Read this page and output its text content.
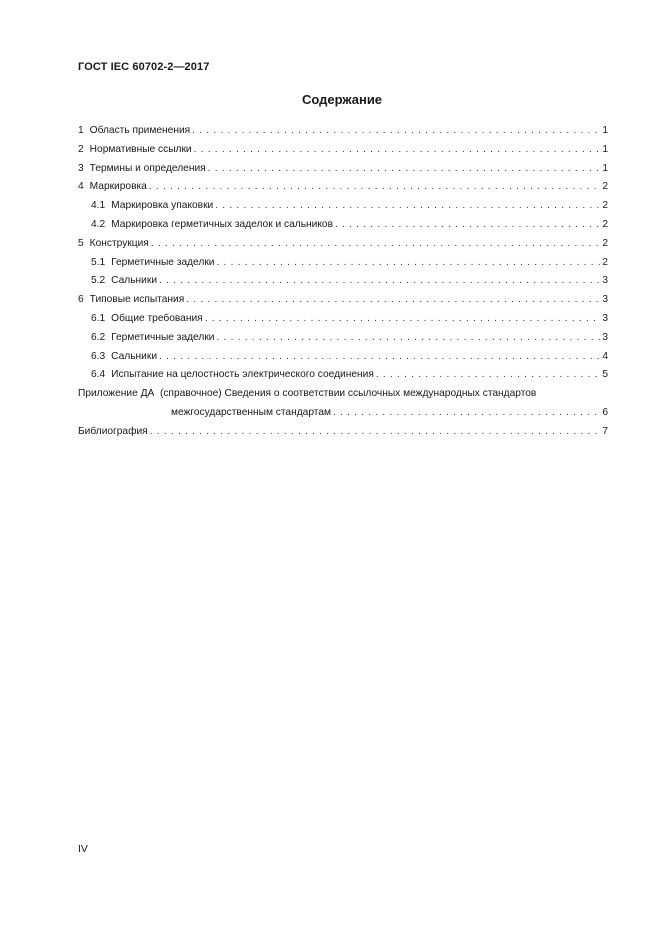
ГОСТ IEC 60702-2—2017
Содержание
1 Область применения . . .	1
2 Нормативные ссылки . . .	1
3 Термины и определения . . .	1
4 Маркировка . . .	2
4.1 Маркировка упаковки . . .	2
4.2 Маркировка герметичных заделок и сальников . . .	2
5 Конструкция . . .	2
5.1 Герметичные заделки . . .	2
5.2 Сальники . . .	3
6 Типовые испытания . . .	3
6.1 Общие требования . . .	3
6.2 Герметичные заделки . . .	3
6.3 Сальники . . .	4
6.4 Испытание на целостность электрического соединения . . .	5
Приложение ДА  (справочное) Сведения о соответствии ссылочных международных стандартов
межгосударственным стандартам . . .	6
Библиография . . .	7
IV
